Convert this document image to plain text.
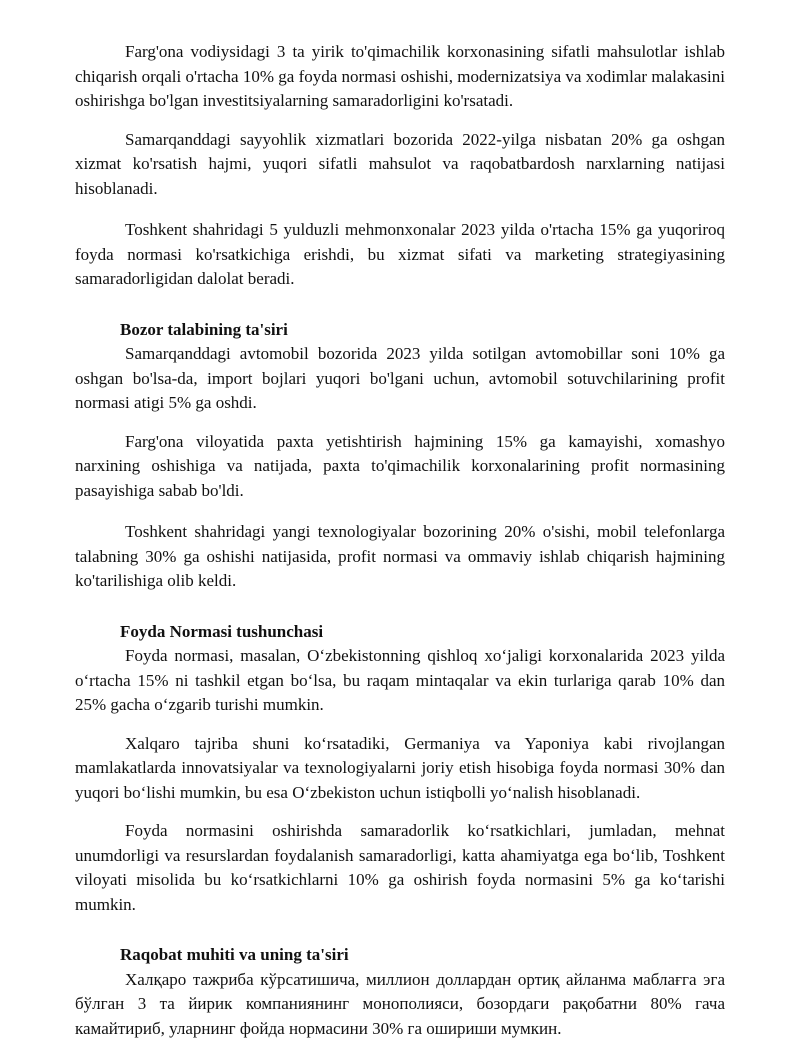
Farg'ona vodiysidagi 3 ta yirik to'qimachilik korxonasining sifatli mahsulotlar ishlab chiqarish orqali o'rtacha 10% ga foyda normasi oshishi, modernizatsiya va xodimlar malakasini oshirishga bo'lgan investitsiyalarning samaradorligini ko'rsatadi.

Samarqanddagi sayyohlik xizmatlari bozorida 2022-yilga nisbatan 20% ga oshgan xizmat ko'rsatish hajmi, yuqori sifatli mahsulot va raqobatbardosh narxlarning natijasi hisoblanadi.

Toshkent shahridagi 5 yulduzli mehmonxonalar 2023 yilda o'rtacha 15% ga yuqoriroq foyda normasi ko'rsatkichiga erishdi, bu xizmat sifati va marketing strategiyasining samaradorligidan dalolat beradi.

Bozor talabining ta'siri

Samarqanddagi avtomobil bozorida 2023 yilda sotilgan avtomobillar soni 10% ga oshgan bo'lsa-da, import bojlari yuqori bo'lgani uchun, avtomobil sotuvchilarining profit normasi atigi 5% ga oshdi.

Farg'ona viloyatida paxta yetishtirish hajmining 15% ga kamayishi, xomashyo narxining oshishiga va natijada, paxta to'qimachilik korxonalarining profit normasining pasayishiga sabab bo'ldi.

Toshkent shahridagi yangi texnologiyalar bozorining 20% o'sishi, mobil telefonlarga talabning 30% ga oshishi natijasida, profit normasi va ommaviy ishlab chiqarish hajmining ko'tarilishiga olib keldi.

Foyda Normasi tushunchasi

Foyda normasi, masalan, O‘zbekistonning qishloq xo‘jaligi korxonalarida 2023 yilda o‘rtacha 15% ni tashkil etgan bo‘lsa, bu raqam mintaqalar va ekin turlariga qarab 10% dan 25% gacha o‘zgarib turishi mumkin.

Xalqaro tajriba shuni ko‘rsatadiki, Germaniya va Yaponiya kabi rivojlangan mamlakatlarda innovatsiyalar va texnologiyalarni joriy etish hisobiga foyda normasi 30% dan yuqori bo‘lishi mumkin, bu esa O‘zbekiston uchun istiqbolli yo‘nalish hisoblanadi.

Foyda normasini oshirishda samaradorlik ko‘rsatkichlari, jumladan, mehnat unumdorligi va resurslardan foydalanish samaradorligi, katta ahamiyatga ega bo‘lib, Toshkent viloyati misolida bu ko‘rsatkichlarni 10% ga oshirish foyda normasini 5% ga ko‘tarishi mumkin.

Raqobat muhiti va uning ta'siri

Халқаро тажриба кўрсатишича, миллион доллардан ортиқ айланма маблағга эга бўлган 3 та йирик компаниянинг монополияси, бозордаги рақобатни 80% гача камайтириб, уларнинг фойда нормасини 30% га ошириши мумкин.
